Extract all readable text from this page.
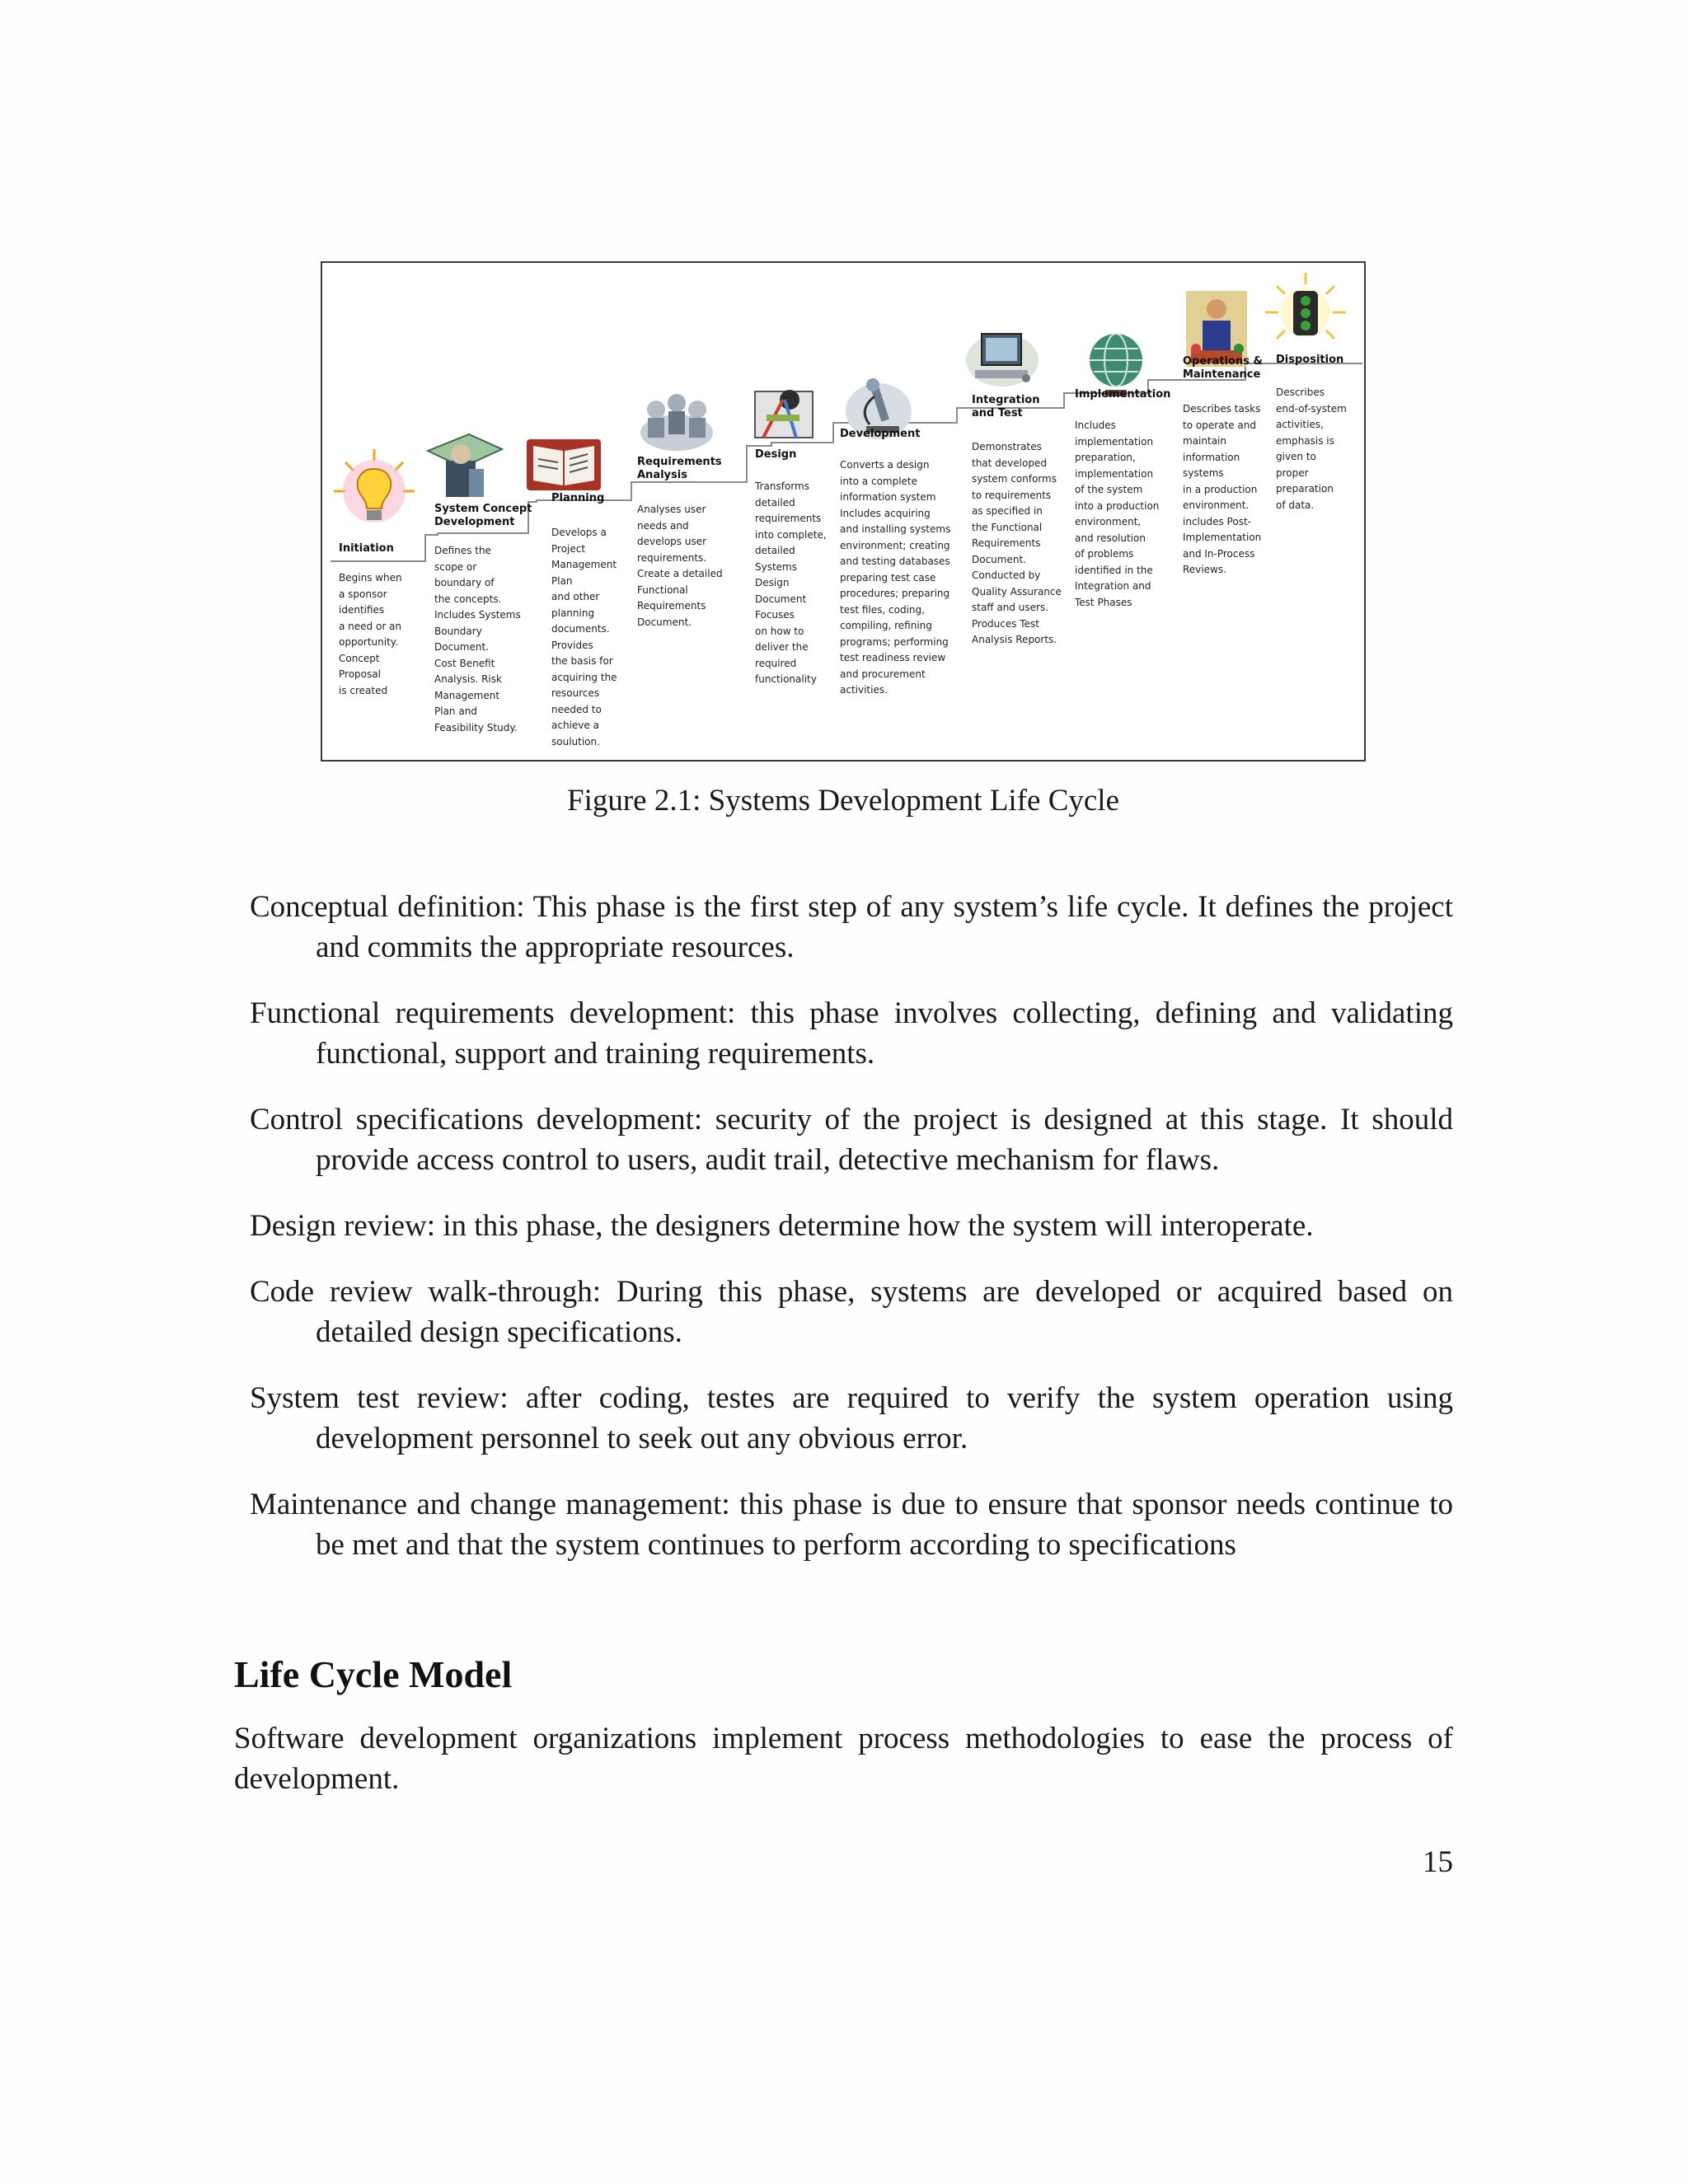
Initiation

System Concept
Development

Planning

Requirements
Analysis

Design

Development

Integration
and Test

Implementation

Operations &
Maintenance

Disposition

Begins when
a sponsor
identifies
a need or an
opportunity.
Concept
Proposal
is created

Defines the
scope or
boundary of
the concepts.
Includes Systems
Boundary
Document.
Cost Benefit
Analysis. Risk
Management
Plan and
Feasibility Study.

Develops a
Project
Management
Plan
and other
planning
documents.
Provides
the basis for
acquiring the
resources
needed to
achieve a
soulution.

Analyses user
needs and
develops user
requirements.
Create a detailed
Functional
Requirements
Document.

Transforms
detailed
requirements
into complete,
detailed
Systems
Design
Document
Focuses
on how to
deliver the
required
functionality

Converts a design
into a complete
information system
Includes acquiring
and installing systems
environment; creating
and testing databases
preparing test case
procedures; preparing
test files, coding,
compiling, refining
programs; performing
test readiness review
and procurement
activities.

Demonstrates
that developed
system conforms
to requirements
as specified in
the Functional
Requirements
Document.
Conducted by
Quality Assurance
staff and users.
Produces Test
Analysis Reports.

Includes
implementation
preparation,
implementation
of the system
into a production
environment,
and resolution
of problems
identified in the
Integration and
Test Phases

Describes tasks
to operate and
maintain
information
systems
in a production
environment.
includes Post-
Implementation
and In-Process
Reviews.

Describes
end-of-system
activities,
emphasis is
given to
proper
preparation
of data.

Figure 2.1: Systems Development Life Cycle

Conceptual definition: This phase is the first step of any system’s life cycle. It defines the project and commits the appropriate resources.

Functional requirements development: this phase involves collecting, defining and validating functional, support and training requirements.

Control specifications development: security of the project is designed at this stage. It should provide access control to users, audit trail, detective mechanism for flaws.

Design review: in this phase, the designers determine how the system will interoperate.

Code review walk-through: During this phase, systems are developed or acquired based on detailed design specifications.

System test review: after coding, testes are required to verify the system operation using development personnel to seek out any obvious error.

Maintenance and change management: this phase is due to ensure that sponsor needs continue to be met and that the system continues to perform according to specifications

Life Cycle Model

Software development organizations implement process methodologies to ease the process of development.

15
